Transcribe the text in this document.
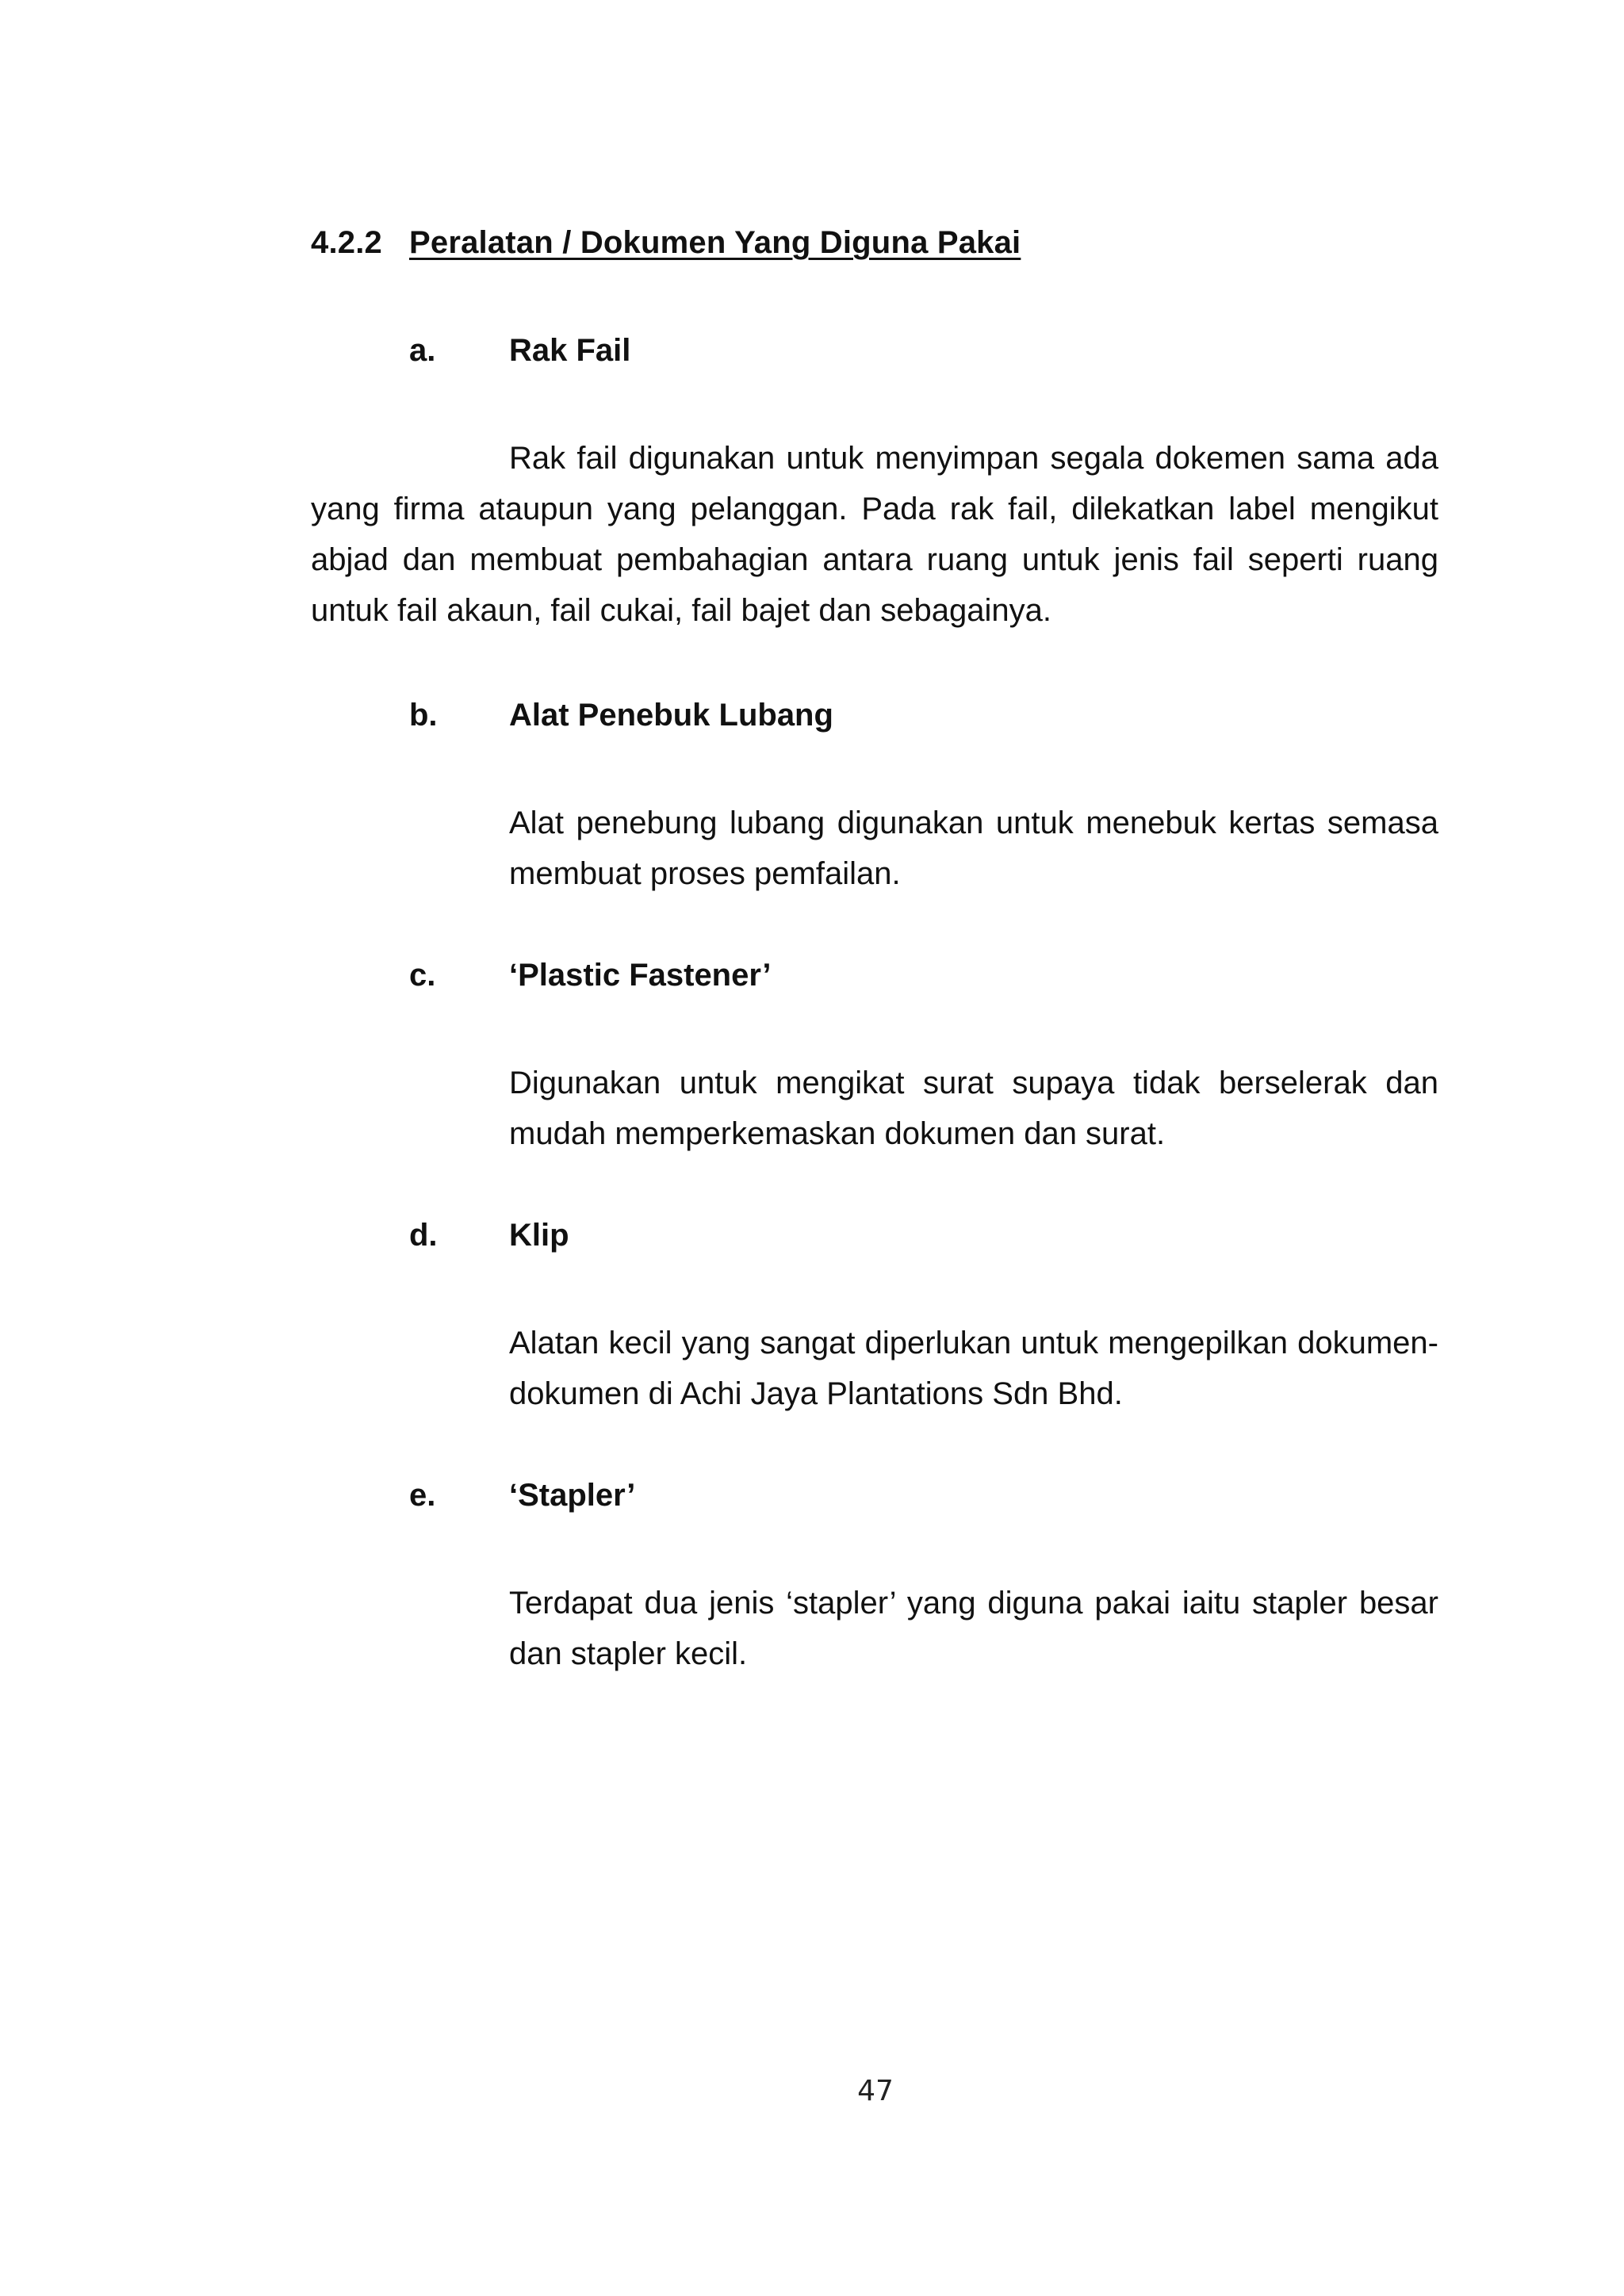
4.2.2 Peralatan / Dokumen Yang Diguna Pakai
a. Rak Fail

Rak fail digunakan untuk menyimpan segala dokemen sama ada yang firma ataupun yang pelanggan. Pada rak fail, dilekatkan label mengikut abjad dan membuat pembahagian antara ruang untuk jenis fail seperti ruang untuk fail akaun, fail cukai, fail bajet dan sebagainya.

b. Alat Penebuk Lubang

Alat penebung lubang digunakan untuk menebuk kertas semasa membuat proses pemfailan.

c. ‘Plastic Fastener’

Digunakan untuk mengikat surat supaya tidak berselerak dan mudah memperkemaskan dokumen dan surat.

d. Klip

Alatan kecil yang sangat diperlukan untuk mengepilkan dokumen-dokumen di Achi Jaya Plantations Sdn Bhd.

e. ‘Stapler’

Terdapat dua jenis ‘stapler’ yang diguna pakai iaitu stapler besar dan stapler kecil.

47
